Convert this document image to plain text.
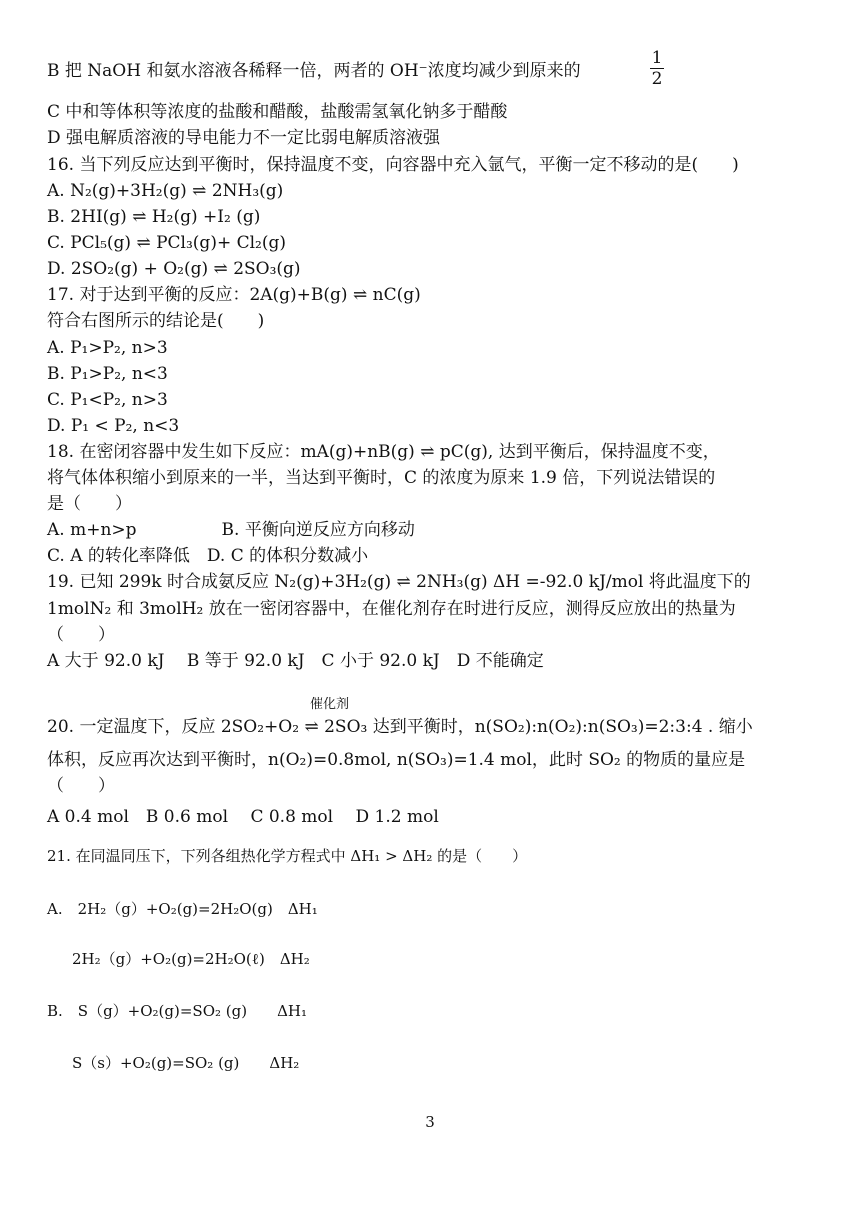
B 把 NaOH 和氨水溶液各稀释一倍，两者的 OH⁻浓度均减少到原来的
1
2
C 中和等体积等浓度的盐酸和醋酸，盐酸需氢氧化钠多于醋酸
D 强电解质溶液的导电能力不一定比弱电解质溶液强
16. 当下列反应达到平衡时，保持温度不变，向容器中充入氩气，平衡一定不移动的是(　　)
A. N₂(g)+3H₂(g) ⇌ 2NH₃(g)
B. 2HI(g) ⇌ H₂(g) +I₂ (g)
C. PCl₅(g) ⇌ PCl₃(g)+ Cl₂(g)
D. 2SO₂(g) + O₂(g) ⇌ 2SO₃(g)
17. 对于达到平衡的反应：2A(g)+B(g) ⇌ nC(g)
符合右图所示的结论是(　　)
A. P₁>P₂, n>3
B. P₁>P₂, n<3
C. P₁<P₂, n>3
D. P₁ < P₂, n<3
18. 在密闭容器中发生如下反应：mA(g)+nB(g) ⇌ pC(g), 达到平衡后，保持温度不变，
将气体体积缩小到原来的一半，当达到平衡时，C 的浓度为原来 1.9 倍，下列说法错误的
是（　　）
A. m+n>p　　　　　B. 平衡向逆反应方向移动
C. A 的转化率降低　D. C 的体积分数减小
19. 已知 299k 时合成氨反应 N₂(g)+3H₂(g) ⇌ 2NH₃(g) ΔH =-92.0 kJ/mol 将此温度下的
1molN₂ 和 3molH₂ 放在一密闭容器中，在催化剂存在时进行反应，测得反应放出的热量为
（　　）
A 大于 92.0 kJ　 B 等于 92.0 kJ　C 小于 92.0 kJ　D 不能确定
催化剂
20. 一定温度下，反应 2SO₂+O₂ ⇌ 2SO₃ 达到平衡时，n(SO₂):n(O₂):n(SO₃)=2:3:4 . 缩小
体积，反应再次达到平衡时，n(O₂)=0.8mol, n(SO₃)=1.4 mol，此时 SO₂ 的物质的量应是
（　　）
A 0.4 mol　B 0.6 mol　 C 0.8 mol　 D 1.2 mol
21. 在同温同压下，下列各组热化学方程式中 ΔH₁ > ΔH₂ 的是（　　）
A.　2H₂（g）+O₂(g)=2H₂O(g)　ΔH₁
2H₂（g）+O₂(g)=2H₂O(ℓ)　ΔH₂
B.　S（g）+O₂(g)=SO₂ (g)　　ΔH₁
S（s）+O₂(g)=SO₂ (g)　　ΔH₂
3
